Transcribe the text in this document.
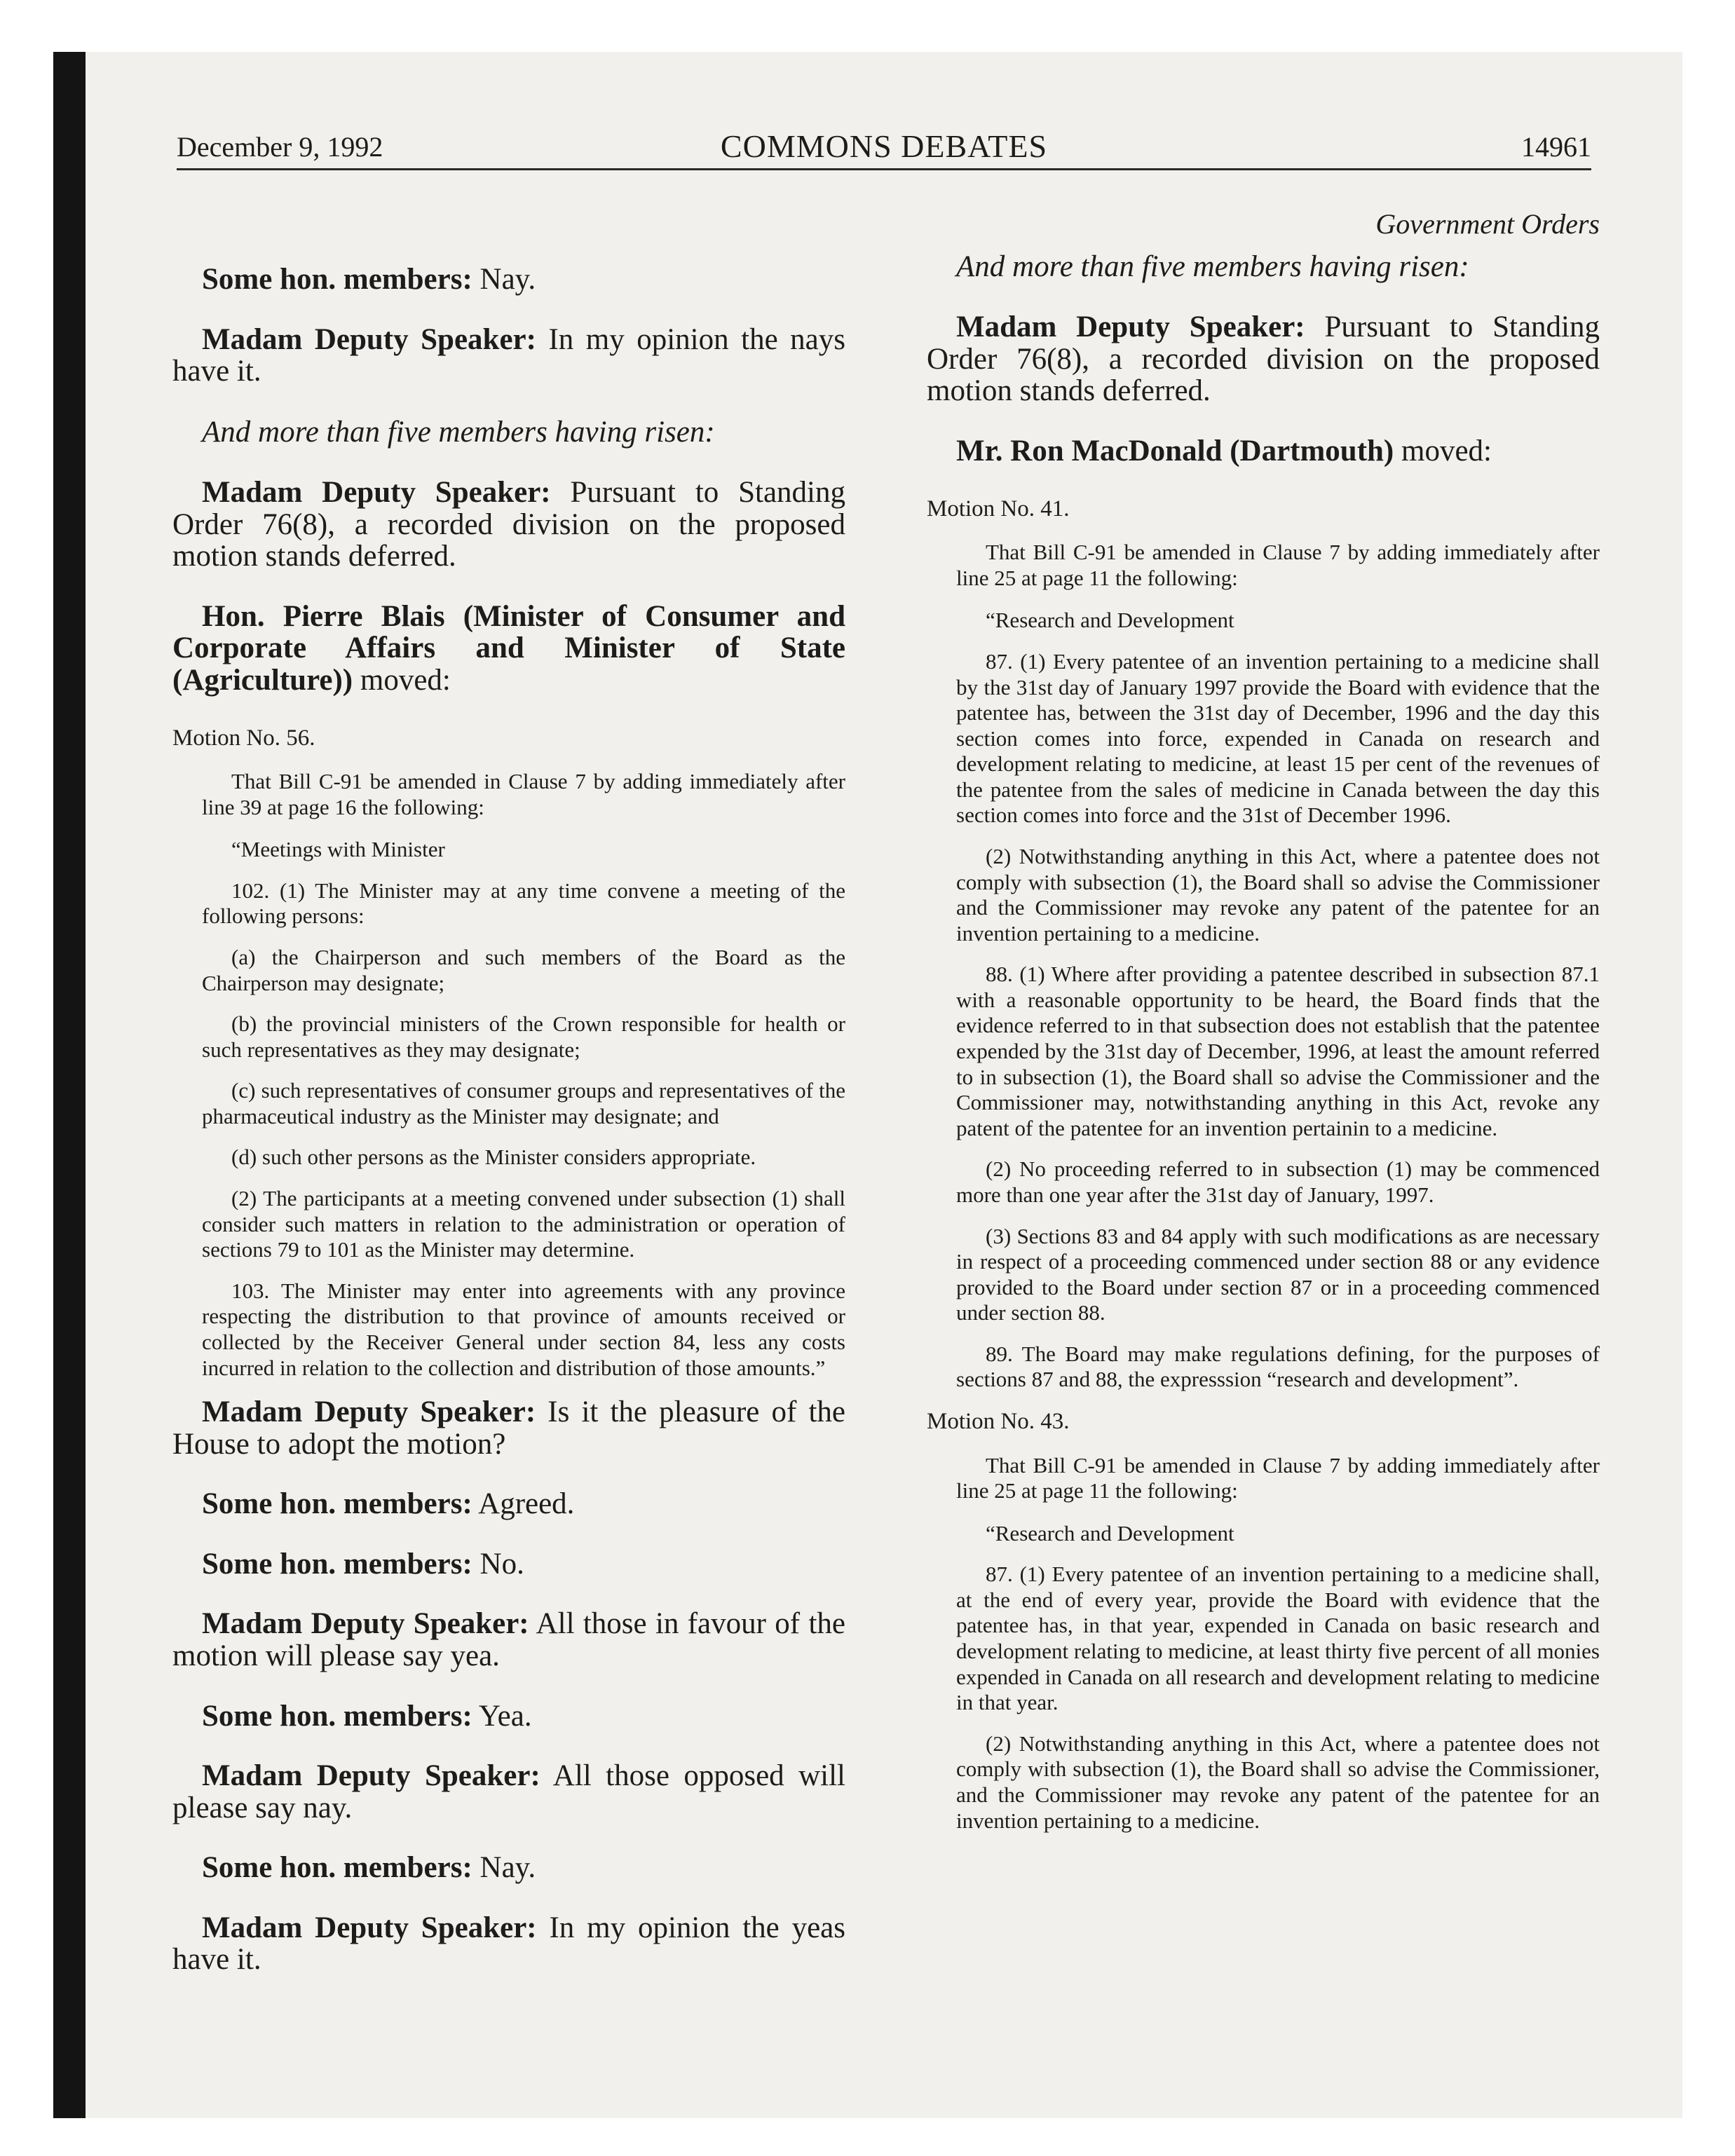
December 9, 1992	COMMONS DEBATES	14961

Some hon. members: Nay.

Madam Deputy Speaker: In my opinion the nays have it.

And more than five members having risen:

Madam Deputy Speaker: Pursuant to Standing Order 76(8), a recorded division on the proposed motion stands deferred.

Hon. Pierre Blais (Minister of Consumer and Corporate Affairs and Minister of State (Agriculture)) moved:

Motion No. 56.

That Bill C-91 be amended in Clause 7 by adding immediately after line 39 at page 16 the following:

“Meetings with Minister

102. (1) The Minister may at any time convene a meeting of the following persons:

(a) the Chairperson and such members of the Board as the Chairperson may designate;

(b) the provincial ministers of the Crown responsible for health or such representatives as they may designate;

(c) such representatives of consumer groups and representatives of the pharmaceutical industry as the Minister may designate; and

(d) such other persons as the Minister considers appropriate.

(2) The participants at a meeting convened under subsection (1) shall consider such matters in relation to the administration or operation of sections 79 to 101 as the Minister may determine.

103. The Minister may enter into agreements with any province respecting the distribution to that province of amounts received or collected by the Receiver General under section 84, less any costs incurred in relation to the collection and distribution of those amounts.”

Madam Deputy Speaker: Is it the pleasure of the House to adopt the motion?

Some hon. members: Agreed.

Some hon. members: No.

Madam Deputy Speaker: All those in favour of the motion will please say yea.

Some hon. members: Yea.

Madam Deputy Speaker: All those opposed will please say nay.

Some hon. members: Nay.

Madam Deputy Speaker: In my opinion the yeas have it.

Government Orders

And more than five members having risen:

Madam Deputy Speaker: Pursuant to Standing Order 76(8), a recorded division on the proposed motion stands deferred.

Mr. Ron MacDonald (Dartmouth) moved:

Motion No. 41.

That Bill C-91 be amended in Clause 7 by adding immediately after line 25 at page 11 the following:

“Research and Development

87. (1) Every patentee of an invention pertaining to a medicine shall by the 31st day of January 1997 provide the Board with evidence that the patentee has, between the 31st day of December, 1996 and the day this section comes into force, expended in Canada on research and development relating to medicine, at least 15 per cent of the revenues of the patentee from the sales of medicine in Canada between the day this section comes into force and the 31st of December 1996.

(2) Notwithstanding anything in this Act, where a patentee does not comply with subsection (1), the Board shall so advise the Commissioner and the Commissioner may revoke any patent of the patentee for an invention pertaining to a medicine.

88. (1) Where after providing a patentee described in subsection 87.1 with a reasonable opportunity to be heard, the Board finds that the evidence referred to in that subsection does not establish that the patentee expended by the 31st day of December, 1996, at least the amount referred to in subsection (1), the Board shall so advise the Commissioner and the Commissioner may, notwithstanding anything in this Act, revoke any patent of the patentee for an invention pertainin to a medicine.

(2) No proceeding referred to in subsection (1) may be commenced more than one year after the 31st day of January, 1997.

(3) Sections 83 and 84 apply with such modifications as are necessary in respect of a proceeding commenced under section 88 or any evidence provided to the Board under section 87 or in a proceeding commenced under section 88.

89. The Board may make regulations defining, for the purposes of sections 87 and 88, the expresssion “research and development”.

Motion No. 43.

That Bill C-91 be amended in Clause 7 by adding immediately after line 25 at page 11 the following:

“Research and Development

87. (1) Every patentee of an invention pertaining to a medicine shall, at the end of every year, provide the Board with evidence that the patentee has, in that year, expended in Canada on basic research and development relating to medicine, at least thirty five percent of all monies expended in Canada on all research and development relating to medicine in that year.

(2) Notwithstanding anything in this Act, where a patentee does not comply with subsection (1), the Board shall so advise the Commissioner, and the Commissioner may revoke any patent of the patentee for an invention pertaining to a medicine.
